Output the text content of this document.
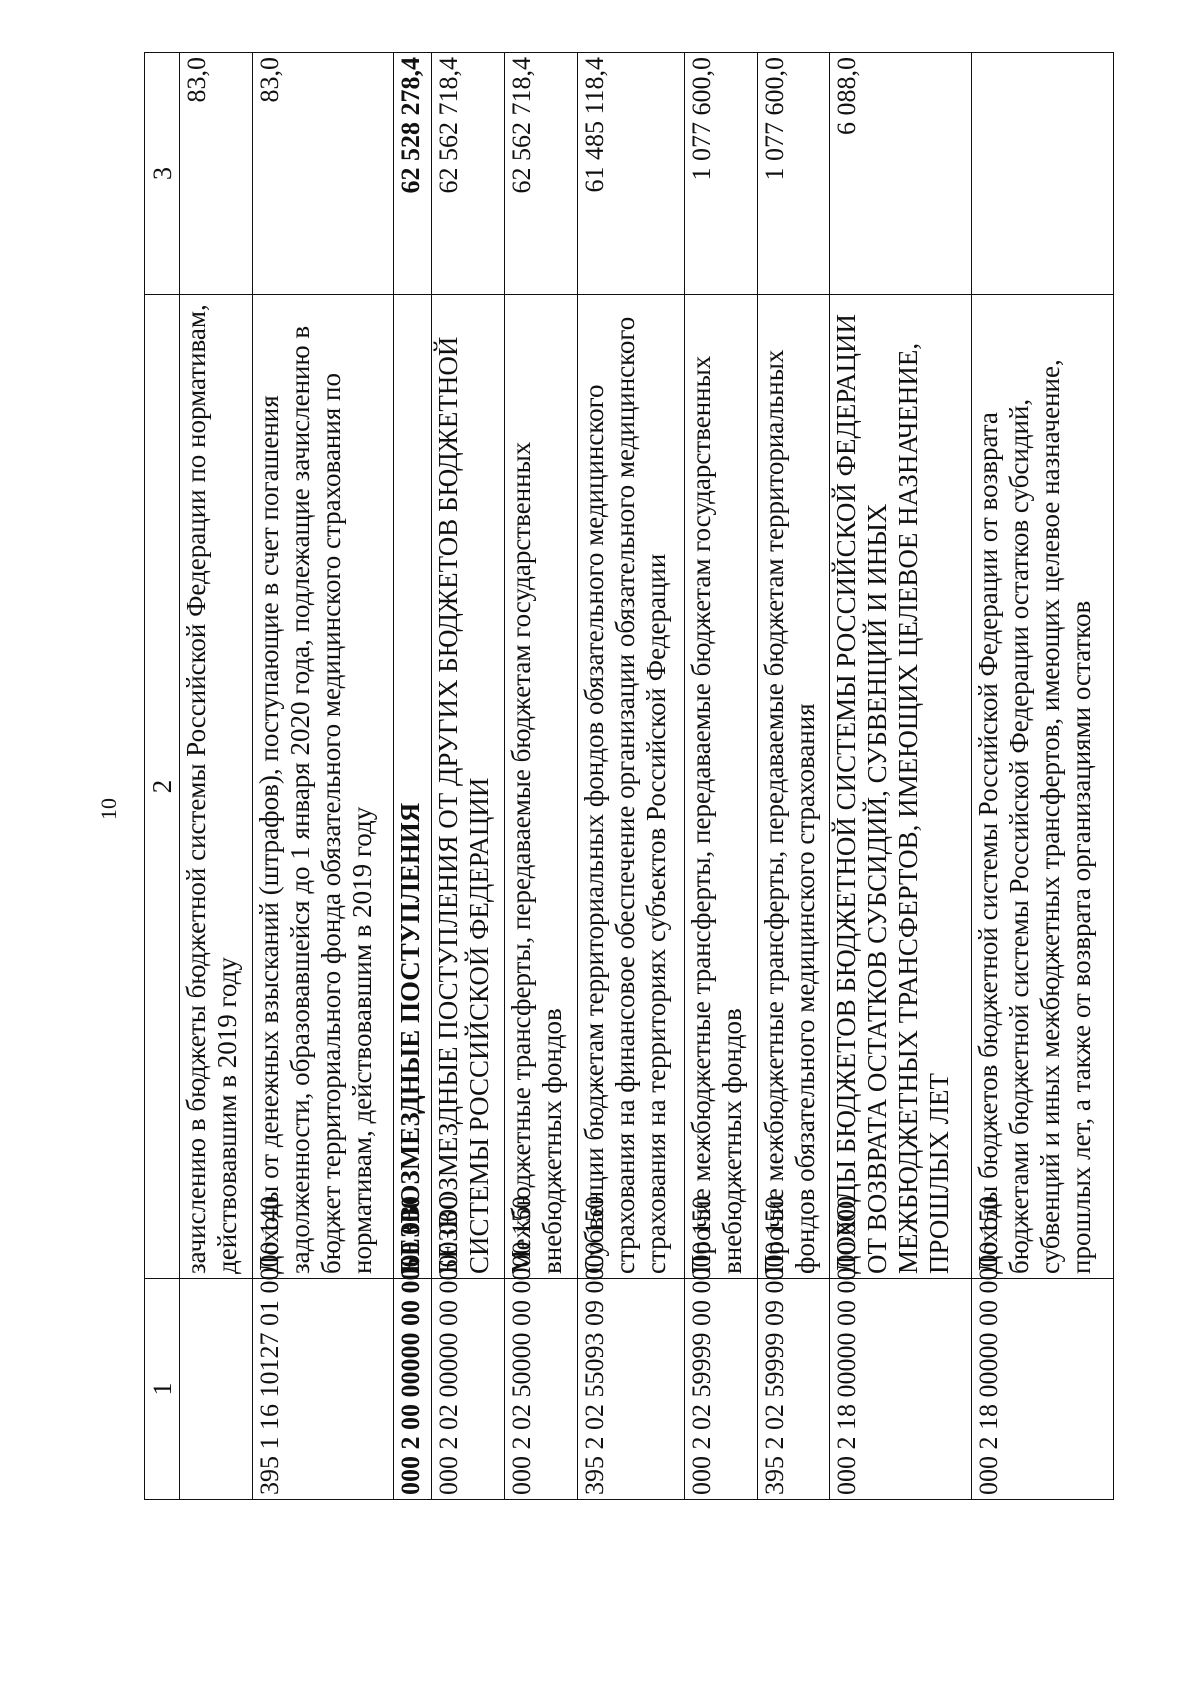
10
1	2	3
	зачислению в бюджеты бюджетной системы Российской Федерации по нормативам, действовавшим в 2019 году	83,0
395 1 16 10127 01 0000 140	Доходы от денежных взысканий (штрафов), поступающие в счет погашения задолженности, образовавшейся до 1 января 2020 года, подлежащие зачислению в бюджет территориального фонда обязательного медицинского страхования по нормативам, действовавшим в 2019 году	83,0
000 2 00 00000 00 0000 000	БЕЗВОЗМЕЗДНЫЕ ПОСТУПЛЕНИЯ	62 528 278,4
000 2 02 00000 00 0000 000	БЕЗВОЗМЕЗДНЫЕ ПОСТУПЛЕНИЯ ОТ ДРУГИХ БЮДЖЕТОВ БЮДЖЕТНОЙ СИСТЕМЫ РОССИЙСКОЙ ФЕДЕРАЦИИ	62 562 718,4
000 2 02 50000 00 0000 150	Межбюджетные трансферты, передаваемые бюджетам государственных внебюджетных фондов	62 562 718,4
395 2 02 55093 09 0000 150	Субвенции бюджетам территориальных фондов обязательного медицинского страхования на финансовое обеспечение организации обязательного медицинского страхования на территориях субъектов Российской Федерации	61 485 118,4
000 2 02 59999 00 0000 150	Прочие межбюджетные трансферты, передаваемые бюджетам государственных внебюджетных фондов	1 077 600,0
395 2 02 59999 09 0000 150	Прочие межбюджетные трансферты, передаваемые бюджетам территориальных фондов обязательного медицинского страхования	1 077 600,0
000 2 18 00000 00 0000 000	ДОХОДЫ БЮДЖЕТОВ БЮДЖЕТНОЙ СИСТЕМЫ РОССИЙСКОЙ ФЕДЕРАЦИИ ОТ ВОЗВРАТА ОСТАТКОВ СУБСИДИЙ, СУБВЕНЦИЙ И ИНЫХ МЕЖБЮДЖЕТНЫХ ТРАНСФЕРТОВ, ИМЕЮЩИХ ЦЕЛЕВОЕ НАЗНАЧЕНИЕ, ПРОШЛЫХ ЛЕТ	6 088,0
000 2 18 00000 00 0000 150	Доходы бюджетов бюджетной системы Российской Федерации от возврата бюджетами бюджетной системы Российской Федерации остатков субсидий, субвенций и иных межбюджетных трансфертов, имеющих целевое назначение, прошлых лет, а также от возврата организациями остатков	
